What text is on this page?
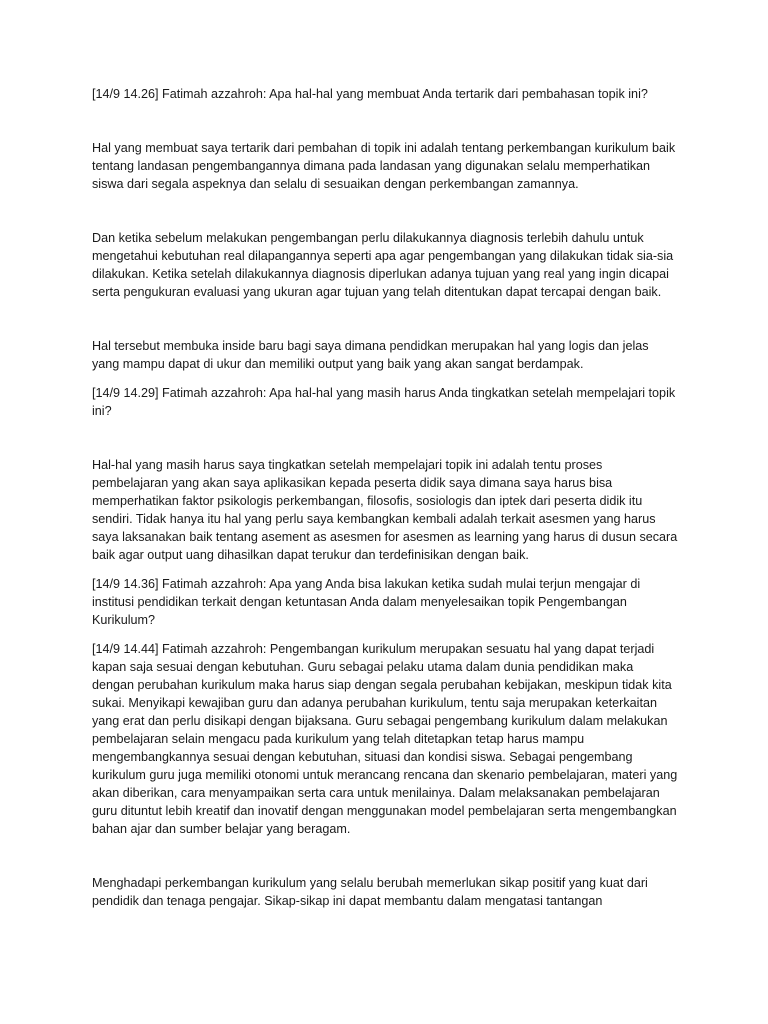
[14/9 14.26] Fatimah azzahroh: Apa hal-hal yang membuat Anda tertarik dari pembahasan topik ini?

Hal yang membuat saya tertarik dari pembahan di topik ini adalah tentang perkembangan kurikulum baik tentang landasan pengembangannya dimana pada landasan yang digunakan selalu memperhatikan siswa dari segala aspeknya dan selalu di sesuaikan dengan perkembangan zamannya.

Dan ketika sebelum melakukan pengembangan perlu dilakukannya diagnosis terlebih dahulu untuk mengetahui kebutuhan real dilapangannya seperti apa agar pengembangan yang dilakukan tidak sia-sia dilakukan. Ketika setelah dilakukannya diagnosis diperlukan adanya tujuan yang real yang ingin dicapai serta pengukuran evaluasi yang ukuran agar tujuan yang telah ditentukan dapat tercapai dengan baik.

Hal tersebut membuka inside baru bagi saya dimana pendidkan merupakan hal yang logis dan jelas yang mampu dapat di ukur dan memiliki output yang baik yang akan sangat berdampak.

[14/9 14.29] Fatimah azzahroh: Apa hal-hal yang masih harus Anda tingkatkan setelah mempelajari topik ini?

Hal-hal yang masih harus saya tingkatkan setelah mempelajari topik ini adalah tentu proses pembelajaran yang akan saya aplikasikan kepada peserta didik saya dimana saya harus bisa memperhatikan faktor psikologis perkembangan, filosofis, sosiologis dan iptek dari peserta didik itu sendiri. Tidak hanya itu hal yang perlu saya kembangkan kembali adalah terkait asesmen yang harus saya laksanakan baik tentang asement as asesmen for asesmen as learning yang harus di dusun secara baik agar output uang dihasilkan dapat terukur dan terdefinisikan dengan baik.

[14/9 14.36] Fatimah azzahroh: Apa yang Anda bisa lakukan ketika sudah mulai terjun mengajar di institusi pendidikan terkait dengan ketuntasan Anda dalam menyelesaikan topik Pengembangan Kurikulum?

[14/9 14.44] Fatimah azzahroh: Pengembangan kurikulum merupakan sesuatu hal yang dapat terjadi kapan saja sesuai dengan kebutuhan. Guru sebagai pelaku utama dalam dunia pendidikan maka dengan perubahan kurikulum maka harus siap dengan segala perubahan kebijakan, meskipun tidak kita sukai. Menyikapi kewajiban guru dan adanya perubahan kurikulum, tentu saja merupakan keterkaitan yang erat dan perlu disikapi dengan bijaksana. Guru sebagai pengembang kurikulum dalam melakukan pembelajaran selain mengacu pada kurikulum yang telah ditetapkan tetap harus mampu mengembangkannya sesuai dengan kebutuhan, situasi dan kondisi siswa. Sebagai pengembang kurikulum guru juga memiliki otonomi untuk merancang rencana dan skenario pembelajaran, materi yang akan diberikan, cara menyampaikan serta cara untuk menilainya. Dalam melaksanakan pembelajaran guru dituntut lebih kreatif dan inovatif dengan menggunakan model pembelajaran serta mengembangkan bahan ajar dan sumber belajar yang beragam.

Menghadapi perkembangan kurikulum yang selalu berubah memerlukan sikap positif yang kuat dari pendidik dan tenaga pengajar. Sikap-sikap ini dapat membantu dalam mengatasi tantangan
